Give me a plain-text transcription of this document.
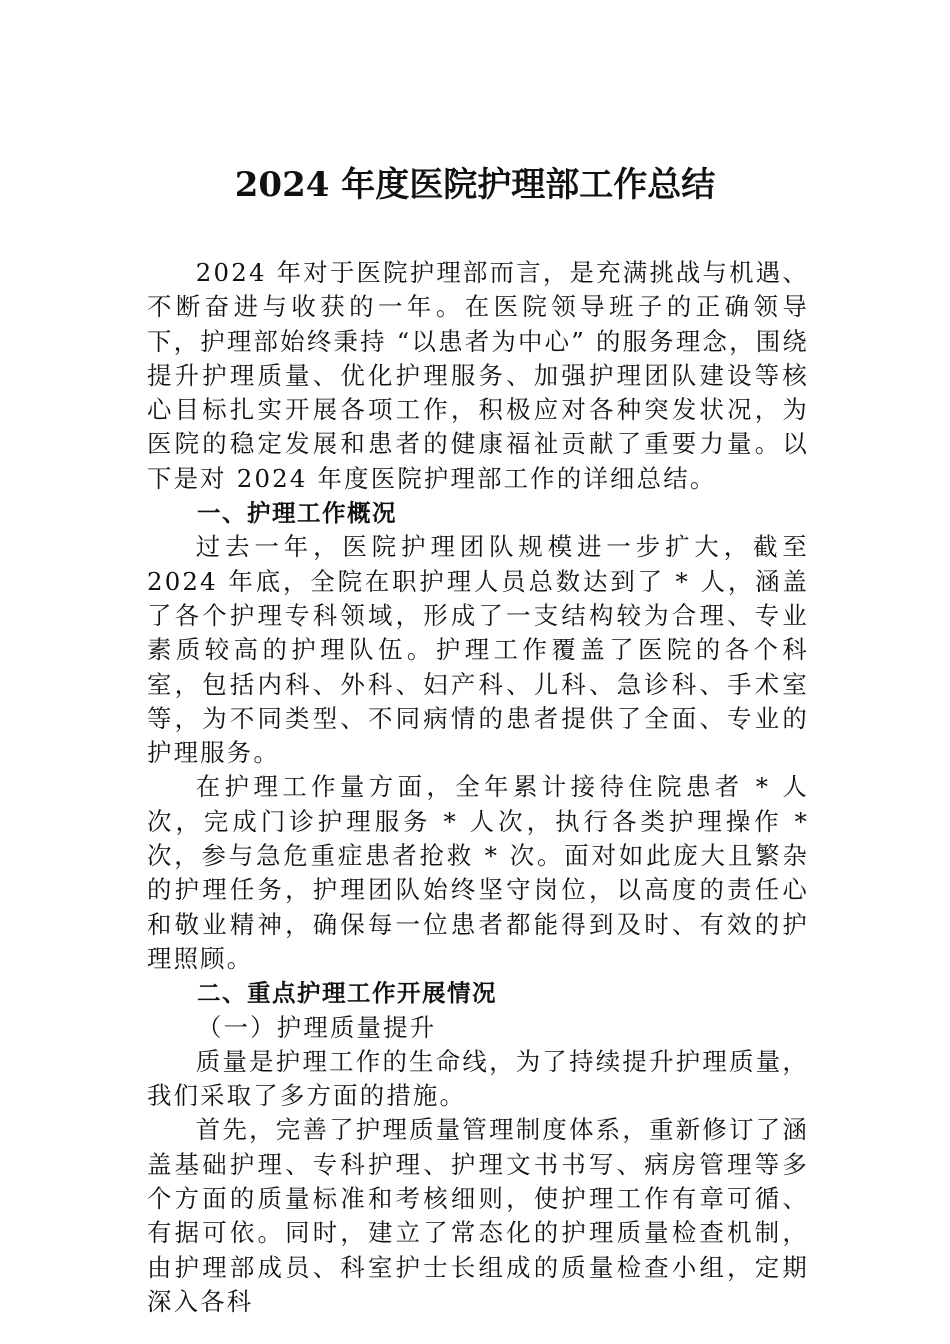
2024 年度医院护理部工作总结

2024 年对于医院护理部而言，是充满挑战与机遇、不断奋进与收获的一年。在医院领导班子的正确领导下，护理部始终秉持 “以患者为中心” 的服务理念，围绕提升护理质量、优化护理服务、加强护理团队建设等核心目标扎实开展各项工作，积极应对各种突发状况，为医院的稳定发展和患者的健康福祉贡献了重要力量。以下是对 2024 年度医院护理部工作的详细总结。

一、护理工作概况

过去一年，医院护理团队规模进一步扩大，截至 2024 年底，全院在职护理人员总数达到了 * 人，涵盖了各个护理专科领域，形成了一支结构较为合理、专业素质较高的护理队伍。护理工作覆盖了医院的各个科室，包括内科、外科、妇产科、儿科、急诊科、手术室等，为不同类型、不同病情的患者提供了全面、专业的护理服务。

在护理工作量方面，全年累计接待住院患者 * 人次，完成门诊护理服务 * 人次，执行各类护理操作 * 次，参与急危重症患者抢救 * 次。面对如此庞大且繁杂的护理任务，护理团队始终坚守岗位，以高度的责任心和敬业精神，确保每一位患者都能得到及时、有效的护理照顾。

二、重点护理工作开展情况

（一）护理质量提升

质量是护理工作的生命线，为了持续提升护理质量，我们采取了多方面的措施。

首先，完善了护理质量管理制度体系，重新修订了涵盖基础护理、专科护理、护理文书书写、病房管理等多个方面的质量标准和考核细则，使护理工作有章可循、有据可依。同时，建立了常态化的护理质量检查机制，由护理部成员、科室护士长组成的质量检查小组，定期深入各科
